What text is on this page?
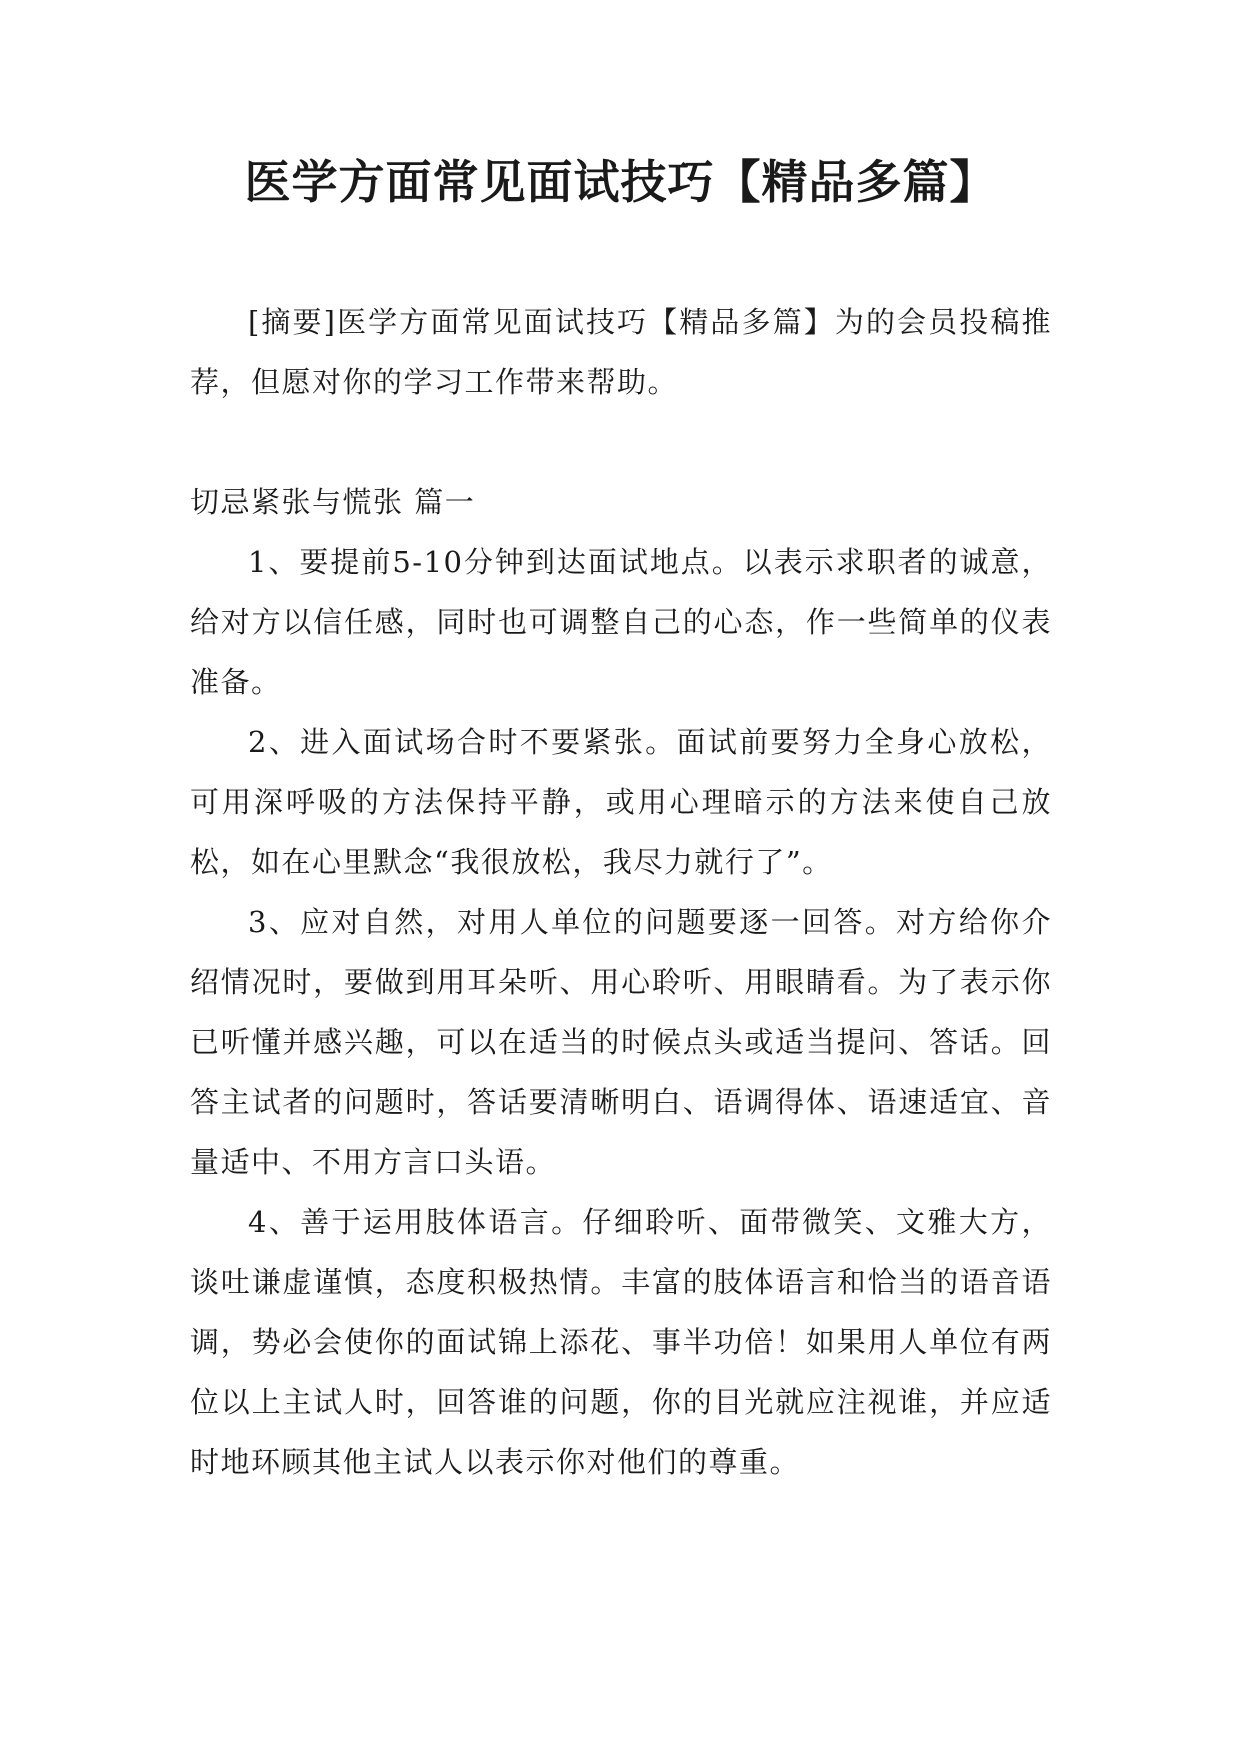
医学方面常见面试技巧【精品多篇】

[摘要]医学方面常见面试技巧【精品多篇】为的会员投稿推荐，但愿对你的学习工作带来帮助。

切忌紧张与慌张 篇一

1、要提前5-10分钟到达面试地点。以表示求职者的诚意，给对方以信任感，同时也可调整自己的心态，作一些简单的仪表准备。

2、进入面试场合时不要紧张。面试前要努力全身心放松，可用深呼吸的方法保持平静，或用心理暗示的方法来使自己放松，如在心里默念“我很放松，我尽力就行了”。

3、应对自然，对用人单位的问题要逐一回答。对方给你介绍情况时，要做到用耳朵听、用心聆听、用眼睛看。为了表示你已听懂并感兴趣，可以在适当的时候点头或适当提问、答话。回答主试者的问题时，答话要清晰明白、语调得体、语速适宜、音量适中、不用方言口头语。

4、善于运用肢体语言。仔细聆听、面带微笑、文雅大方，谈吐谦虚谨慎，态度积极热情。丰富的肢体语言和恰当的语音语调，势必会使你的面试锦上添花、事半功倍！如果用人单位有两位以上主试人时，回答谁的问题，你的目光就应注视谁，并应适时地环顾其他主试人以表示你对他们的尊重。
